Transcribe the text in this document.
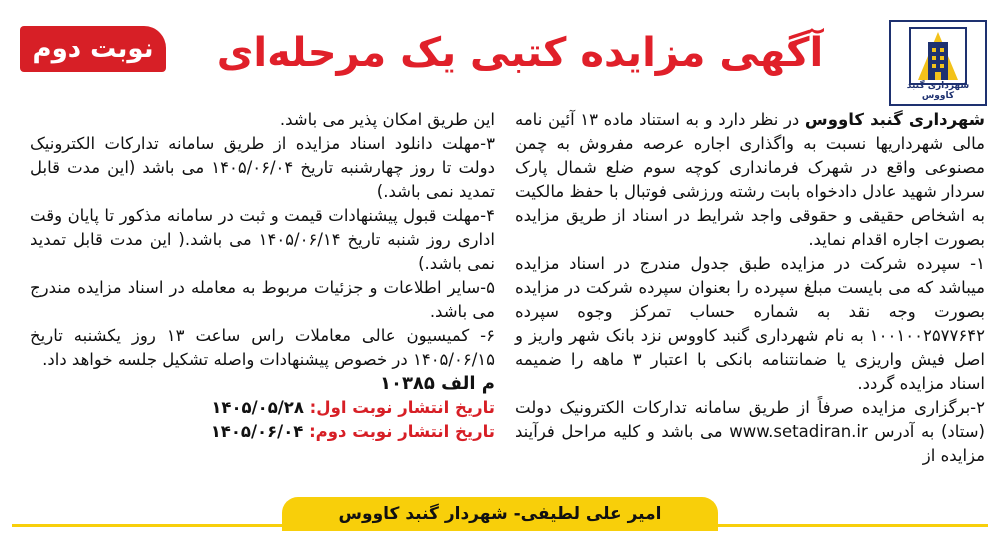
شهرداری گنبد کاووس
آگهی مزایده کتبی یک مرحله‌ای
نوبت دوم

شهرداری گنبد کاووس در نظر دارد و به استناد ماده ۱۳ آئین نامه مالی شهرداریها نسبت به واگذاری اجاره عرصه مفروش به چمن مصنوعی واقع در شهرک فرمانداری کوچه سوم ضلع شمال پارک سردار شهید عادل دادخواه بابت رشته ورزشی فوتبال با حفظ مالکیت به اشخاص حقیقی و حقوقی واجد شرایط در اسناد از طریق مزایده بصورت اجاره اقدام نماید.

۱- سپرده شرکت در مزایده طبق جدول مندرج در اسناد مزایده میباشد که می بایست مبلغ سپرده را بعنوان سپرده شرکت در مزایده بصورت وجه نقد به شماره حساب تمرکز وجوه سپرده ۱۰۰۱۰۰۲۵۷۷۶۴۲ به نام شهرداری گنبد کاووس نزد بانک شهر واریز و اصل فیش واریزی یا ضمانتنامه بانکی با اعتبار ۳ ماهه را ضمیمه اسناد مزایده گردد.

۲-برگزاری مزایده صرفاً از طریق سامانه تدارکات الکترونیک دولت (ستاد) به آدرس www.setadiran.ir می باشد و کلیه مراحل فرآیند مزایده از

این طریق امکان پذیر می باشد.

۳-مهلت دانلود اسناد مزایده از طریق سامانه تدارکات الکترونیک دولت تا روز چهارشنبه تاریخ ۱۴۰۵/۰۶/۰۴ می باشد (این مدت قابل تمدید نمی باشد.)

۴-مهلت قبول پیشنهادات قیمت و ثبت در سامانه مذکور تا پایان وقت اداری روز شنبه تاریخ ۱۴۰۵/۰۶/۱۴ می باشد.( این مدت قابل تمدید نمی باشد.)

۵-سایر اطلاعات و جزئیات مربوط به معامله در اسناد مزایده مندرج می باشد.

۶- کمیسیون عالی معاملات راس ساعت ۱۳ روز یکشنبه تاریخ ۱۴۰۵/۰۶/۱۵ در خصوص پیشنهادات واصله تشکیل جلسه خواهد داد.

م الف ۱۰۳۸۵

تاریخ انتشار نوبت اول: ۱۴۰۵/۰۵/۲۸

تاریخ انتشار نوبت دوم: ۱۴۰۵/۰۶/۰۴

امیر علی لطیفی- شهردار گنبد کاووس
